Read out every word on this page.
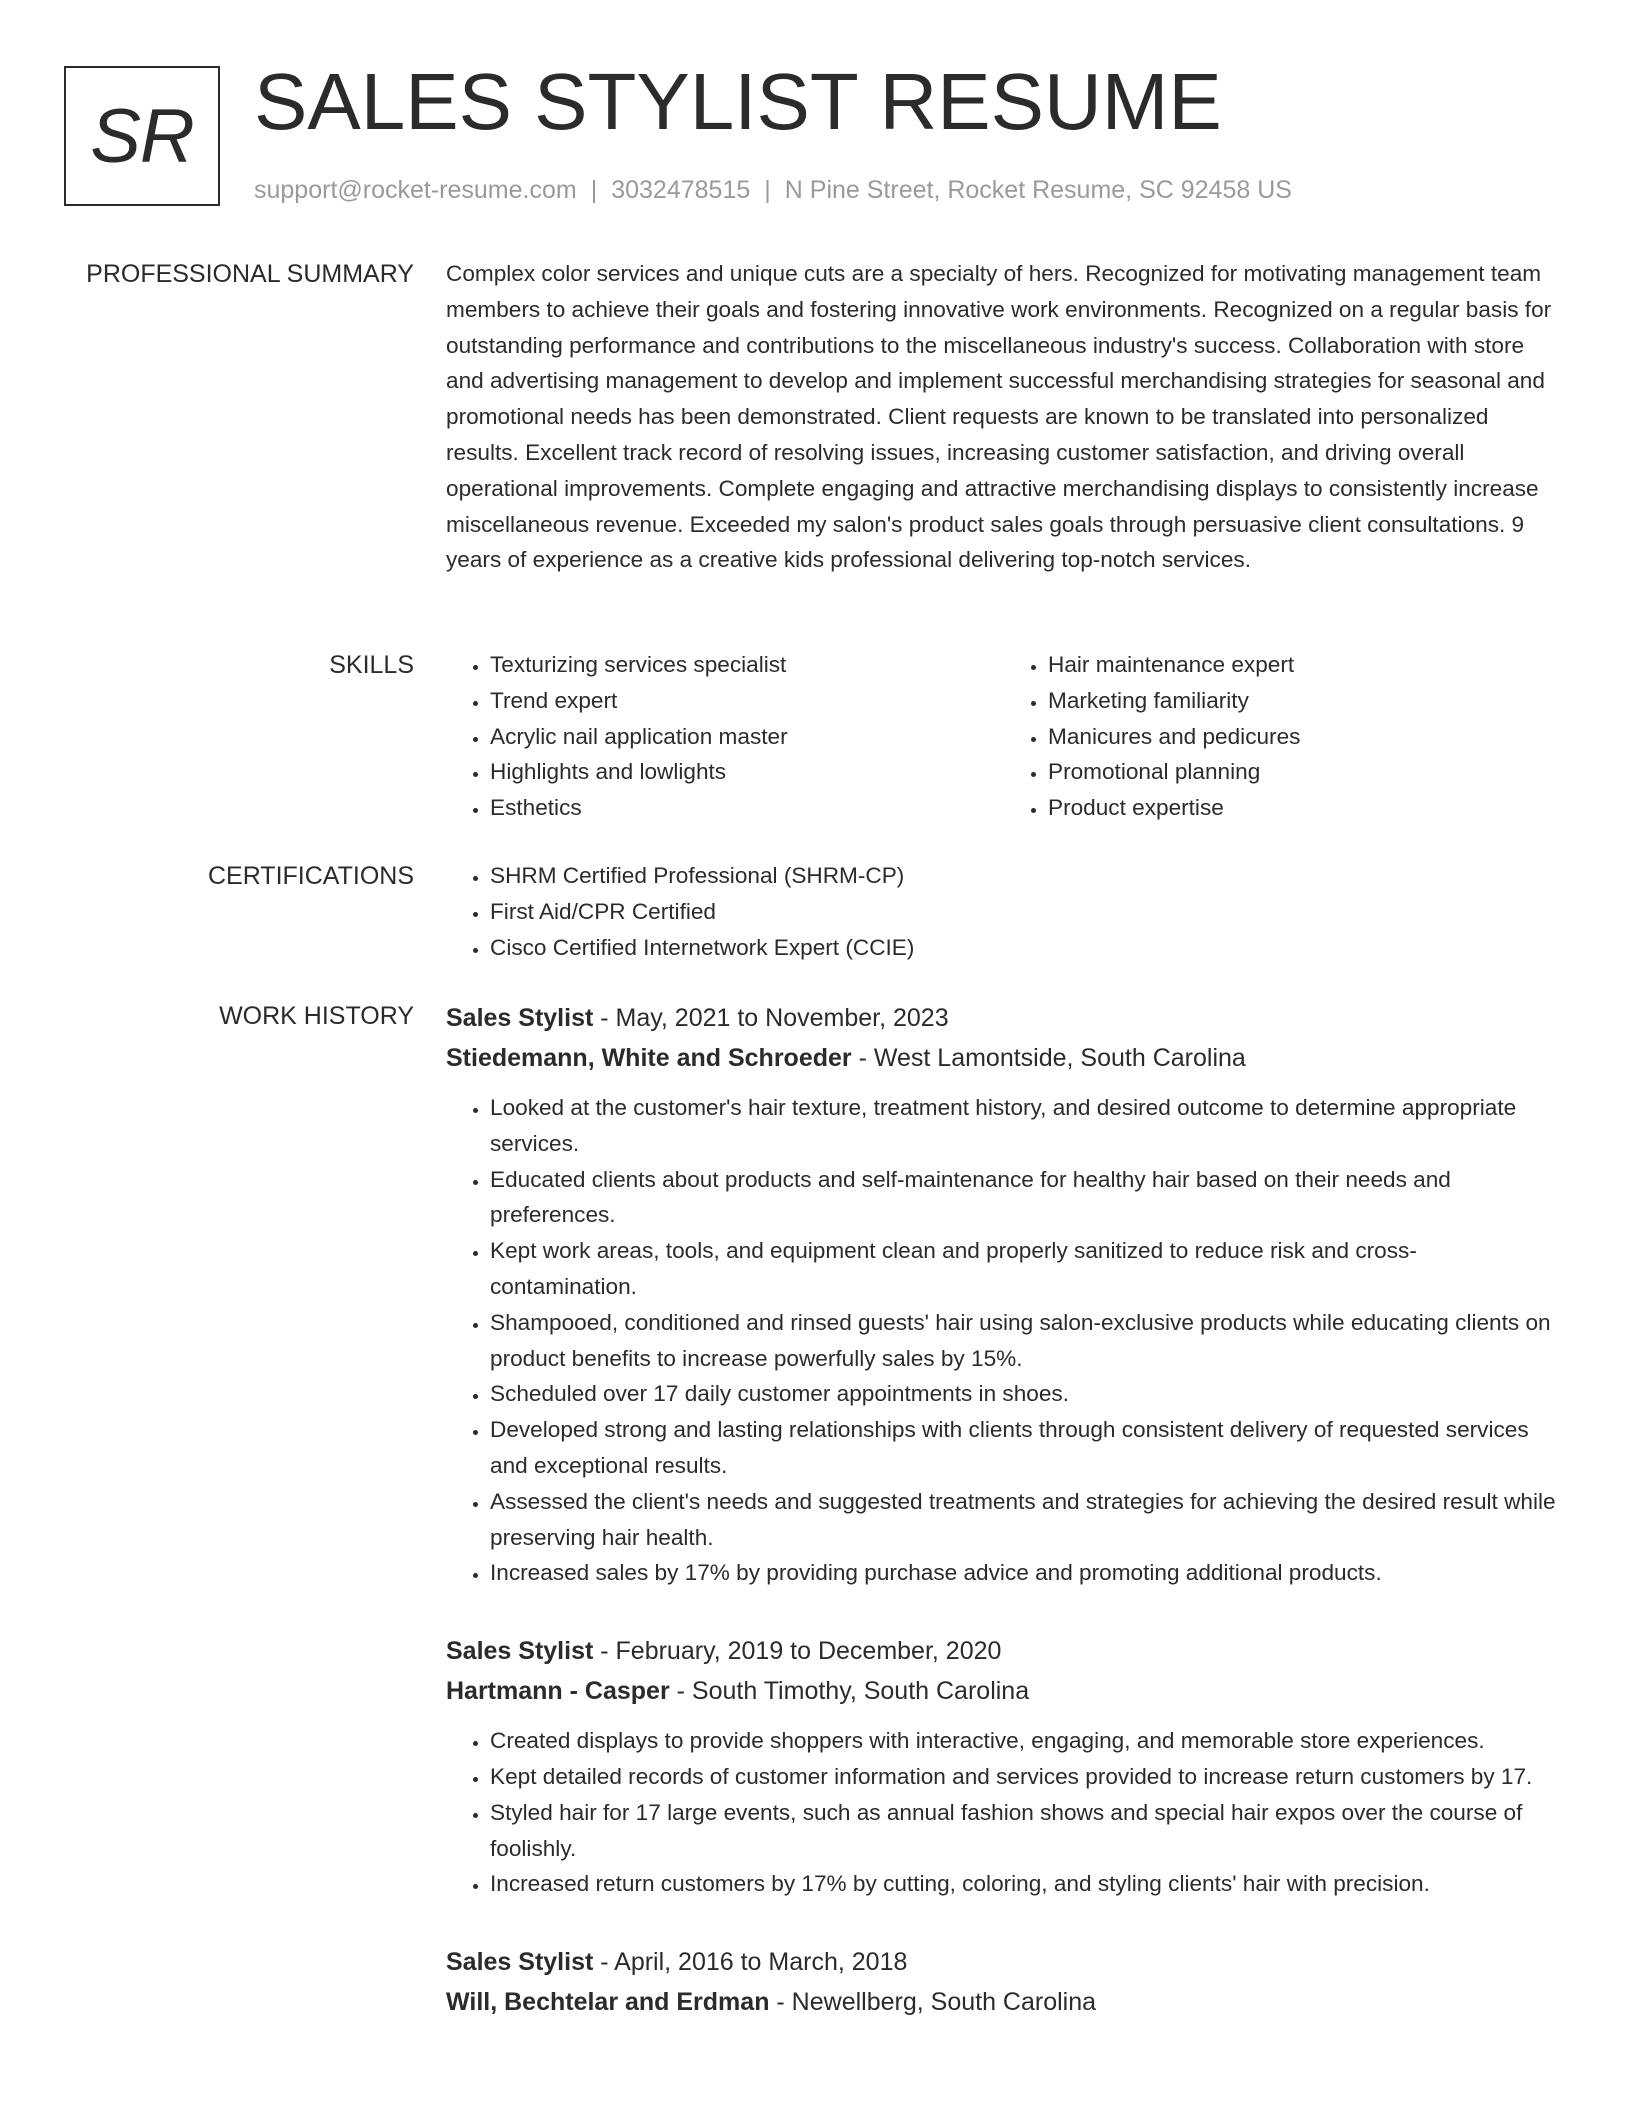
SR SALES STYLIST RESUME
support@rocket-resume.com | 3032478515 | N Pine Street, Rocket Resume, SC 92458 US
PROFESSIONAL SUMMARY Complex color services and unique cuts are a specialty of hers. Recognized for motivating management team members to achieve their goals and fostering innovative work environments. Recognized on a regular basis for outstanding performance and contributions to the miscellaneous industry's success. Collaboration with store and advertising management to develop and implement successful merchandising strategies for seasonal and promotional needs has been demonstrated. Client requests are known to be translated into personalized results. Excellent track record of resolving issues, increasing customer satisfaction, and driving overall operational improvements. Complete engaging and attractive merchandising displays to consistently increase miscellaneous revenue. Exceeded my salon's product sales goals through persuasive client consultations. 9 years of experience as a creative kids professional delivering top-notch services.

SKILLS	• Texturizing services specialist
• Trend expert
• Acrylic nail application master
• Highlights and lowlights
• Esthetics
• Hair maintenance expert
• Marketing familiarity
• Manicures and pedicures
• Promotional planning
• Product expertise
CERTIFICATIONS	• SHRM Certified Professional (SHRM-CP)
• First Aid/CPR Certified
• Cisco Certified Internetwork Expert (CCIE)
WORK HISTORY Sales Stylist - May, 2021 to November, 2023
Stiedemann, White and Schroeder - West Lamontside, South Carolina
• Looked at the customer's hair texture, treatment history, and desired outcome to determine appropriate services.
• Educated clients about products and self-maintenance for healthy hair based on their needs and preferences.
• Kept work areas, tools, and equipment clean and properly sanitized to reduce risk and cross-contamination.
• Shampooed, conditioned and rinsed guests' hair using salon-exclusive products while educating clients on product benefits to increase powerfully sales by 15%.
• Scheduled over 17 daily customer appointments in shoes.
• Developed strong and lasting relationships with clients through consistent delivery of requested services and exceptional results.
• Assessed the client's needs and suggested treatments and strategies for achieving the desired result while preserving hair health.
• Increased sales by 17% by providing purchase advice and promoting additional products.
Sales Stylist - February, 2019 to December, 2020
Hartmann - Casper - South Timothy, South Carolina
• Created displays to provide shoppers with interactive, engaging, and memorable store experiences.
• Kept detailed records of customer information and services provided to increase return customers by 17.
• Styled hair for 17 large events, such as annual fashion shows and special hair expos over the course of foolishly.
• Increased return customers by 17% by cutting, coloring, and styling clients' hair with precision.
Sales Stylist - April, 2016 to March, 2018
Will, Bechtelar and Erdman - Newellberg, South Carolina
